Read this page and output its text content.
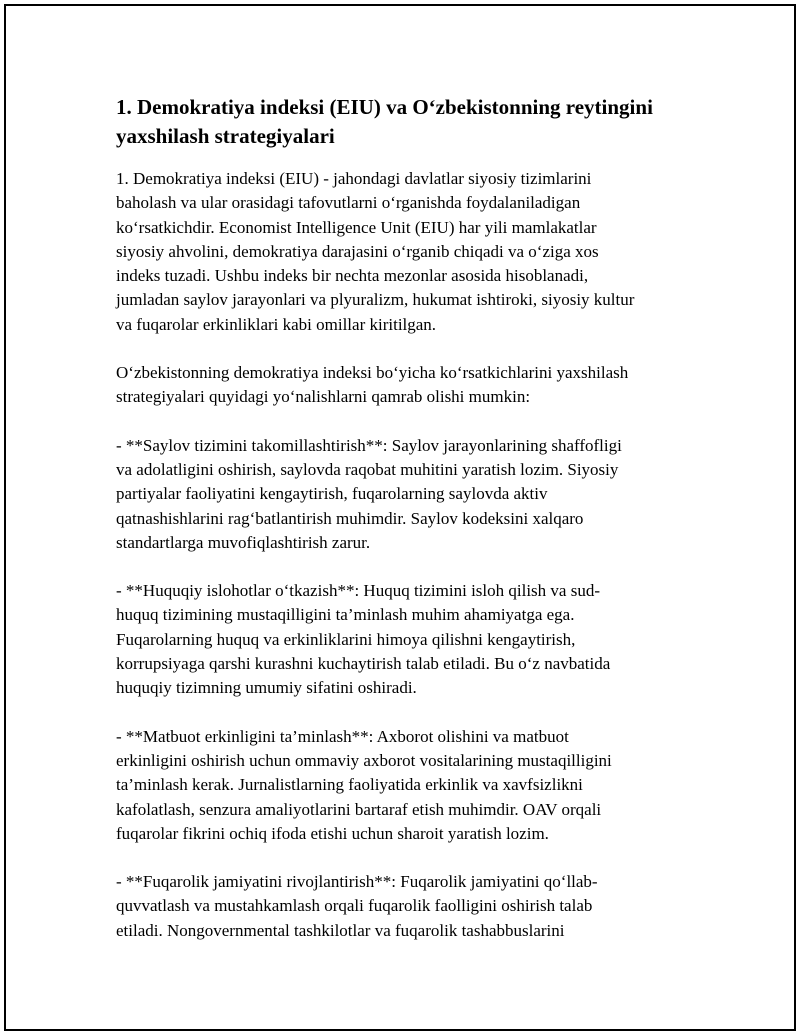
1. Demokratiya indeksi (EIU) va O‘zbekistonning reytingini
yaxshilash strategiyalari

1. Demokratiya indeksi (EIU) - jahondagi davlatlar siyosiy tizimlarini
baholash va ular orasidagi tafovutlarni o‘rganishda foydalaniladigan
ko‘rsatkichdir. Economist Intelligence Unit (EIU) har yili mamlakatlar
siyosiy ahvolini, demokratiya darajasini o‘rganib chiqadi va o‘ziga xos
indeks tuzadi. Ushbu indeks bir nechta mezonlar asosida hisoblanadi,
jumladan saylov jarayonlari va plyuralizm, hukumat ishtiroki, siyosiy kultur
va fuqarolar erkinliklari kabi omillar kiritilgan.

O‘zbekistonning demokratiya indeksi bo‘yicha ko‘rsatkichlarini yaxshilash
strategiyalari quyidagi yo‘nalishlarni qamrab olishi mumkin:

- **Saylov tizimini takomillashtirish**: Saylov jarayonlarining shaffofligi
va adolatligini oshirish, saylovda raqobat muhitini yaratish lozim. Siyosiy
partiyalar faoliyatini kengaytirish, fuqarolarning saylovda aktiv
qatnashishlarini rag‘batlantirish muhimdir. Saylov kodeksini xalqaro
standartlarga muvofiqlashtirish zarur.

- **Huquqiy islohotlar o‘tkazish**: Huquq tizimini isloh qilish va sud-
huquq tizimining mustaqilligini ta’minlash muhim ahamiyatga ega.
Fuqarolarning huquq va erkinliklarini himoya qilishni kengaytirish,
korrupsiyaga qarshi kurashni kuchaytirish talab etiladi. Bu o‘z navbatida
huquqiy tizimning umumiy sifatini oshiradi.

- **Matbuot erkinligini ta’minlash**: Axborot olishini va matbuot
erkinligini oshirish uchun ommaviy axborot vositalarining mustaqilligini
ta’minlash kerak. Jurnalistlarning faoliyatida erkinlik va xavfsizlikni
kafolatlash, senzura amaliyotlarini bartaraf etish muhimdir. OAV orqali
fuqarolar fikrini ochiq ifoda etishi uchun sharoit yaratish lozim.

- **Fuqarolik jamiyatini rivojlantirish**: Fuqarolik jamiyatini qo‘llab-
quvvatlash va mustahkamlash orqali fuqarolik faolligini oshirish talab
etiladi. Nongovernmental tashkilotlar va fuqarolik tashabbuslarini
